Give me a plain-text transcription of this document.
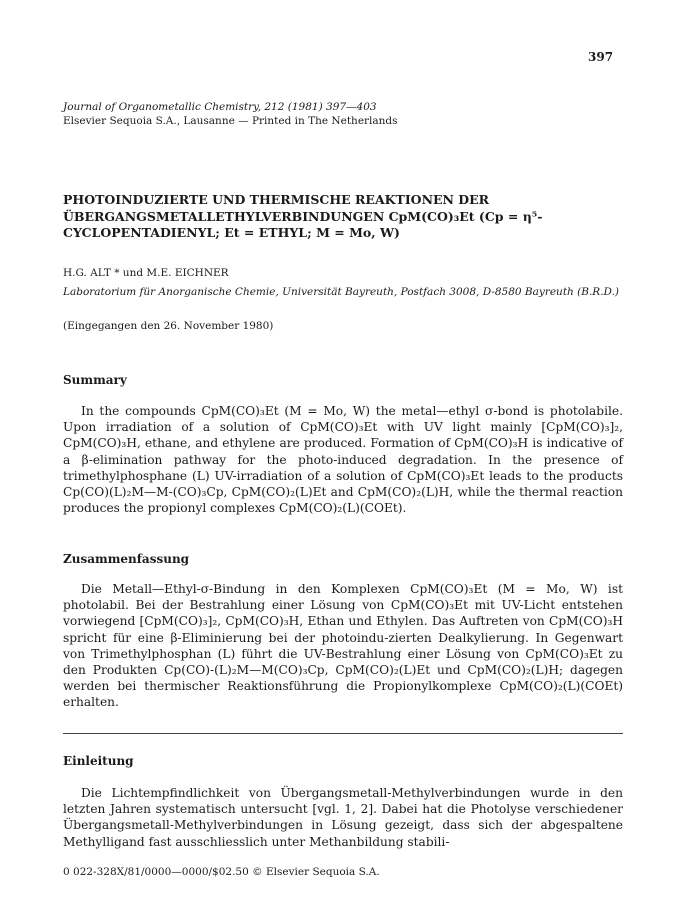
397
Journal of Organometallic Chemistry, 212 (1981) 397—403
Elsevier Sequoia S.A., Lausanne — Printed in The Netherlands
PHOTOINDUZIERTE UND THERMISCHE REAKTIONEN DER ÜBERGANGSMETALLETHYLVERBINDUNGEN CpM(CO)₃Et (Cp = η⁵-CYCLOPENTADIENYL; Et = ETHYL; M = Mo, W)
H.G. ALT * und M.E. EICHNER
Laboratorium für Anorganische Chemie, Universität Bayreuth, Postfach 3008, D-8580 Bayreuth (B.R.D.)
(Eingegangen den 26. November 1980)
Summary
In the compounds CpM(CO)₃Et (M = Mo, W) the metal—ethyl σ-bond is photolabile. Upon irradiation of a solution of CpM(CO)₃Et with UV light mainly [CpM(CO)₃]₂, CpM(CO)₃H, ethane, and ethylene are produced. Formation of CpM(CO)₃H is indicative of a β-elimination pathway for the photo-induced degradation. In the presence of trimethylphosphane (L) UV-irradiation of a solution of CpM(CO)₃Et leads to the products Cp(CO)(L)₂M—M-(CO)₃Cp, CpM(CO)₂(L)Et and CpM(CO)₂(L)H, while the thermal reaction produces the propionyl complexes CpM(CO)₂(L)(COEt).
Zusammenfassung
Die Metall—Ethyl-σ-Bindung in den Komplexen CpM(CO)₃Et (M = Mo, W) ist photolabil. Bei der Bestrahlung einer Lösung von CpM(CO)₃Et mit UV-Licht entstehen vorwiegend [CpM(CO)₃]₂, CpM(CO)₃H, Ethan und Ethylen. Das Auftreten von CpM(CO)₃H spricht für eine β-Eliminierung bei der photoindu-zierten Dealkylierung. In Gegenwart von Trimethylphosphan (L) führt die UV-Bestrahlung einer Lösung von CpM(CO)₃Et zu den Produkten Cp(CO)-(L)₂M—M(CO)₃Cp, CpM(CO)₂(L)Et und CpM(CO)₂(L)H; dagegen werden bei thermischer Reaktionsführung die Propionylkomplexe CpM(CO)₂(L)(COEt) erhalten.
Einleitung
Die Lichtempfindlichkeit von Übergangsmetall-Methylverbindungen wurde in den letzten Jahren systematisch untersucht [vgl. 1, 2]. Dabei hat die Photolyse verschiedener Übergangsmetall-Methylverbindungen in Lösung gezeigt, dass sich der abgespaltene Methylligand fast ausschliesslich unter Methanbildung stabili-
0 022-328X/81/0000—0000/$02.50 © Elsevier Sequoia S.A.
